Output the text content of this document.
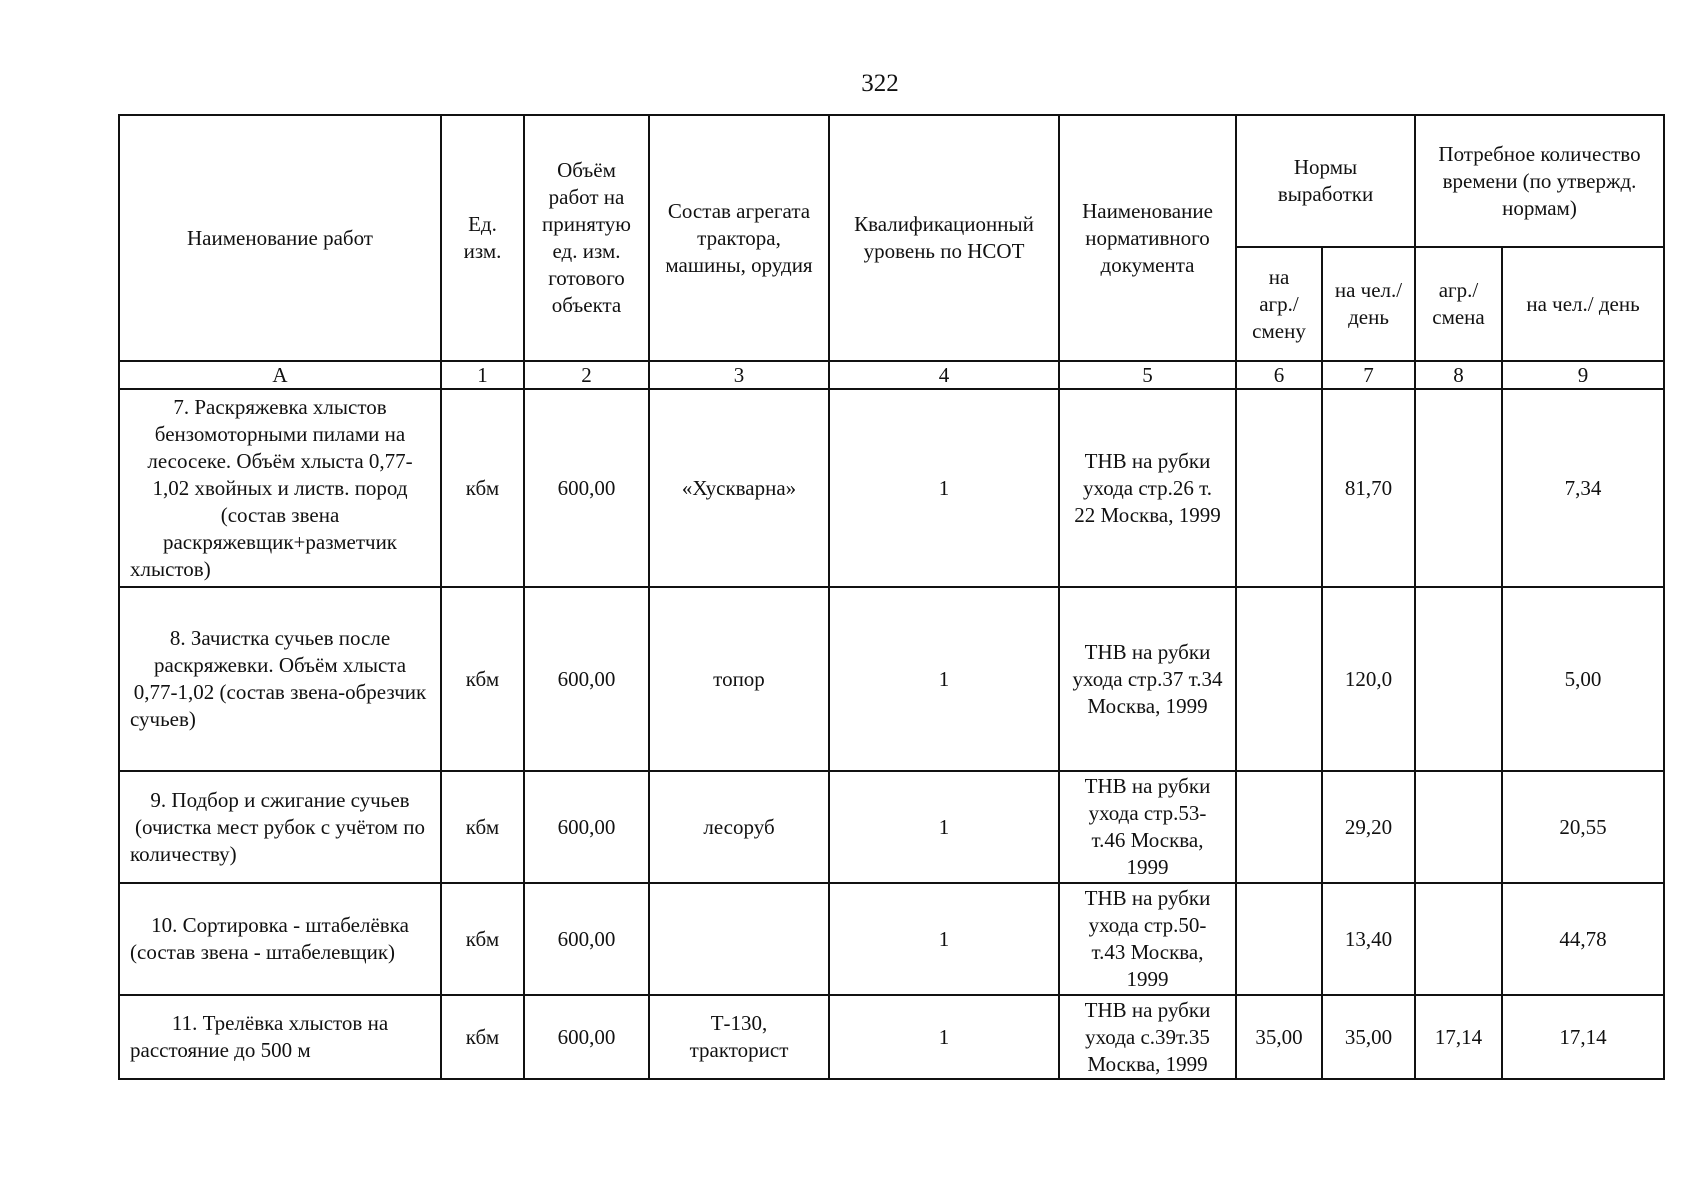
322
Наименование работ	Ед. изм.	Объём работ на принятую ед. изм. готового объекта	Состав агрегата трактора, машины, орудия	Квалификационный уровень по НСОТ	Наименование нормативного документа	Нормы выработки		Потребное количество времени (по утвержд. нормам)	
						на агр./ смену	на чел./ день	агр./ смена	на чел./ день
А	1	2	3	4	5	6	7	8	9
7. Раскряжевка хлыстов бензомоторными пилами на лесосеке. Объём хлыста 0,77-1,02 хвойных и листв. пород (состав звена раскряжевщик+разметчик хлыстов)	кбм	600,00	«Хускварна»	1	ТНВ на рубки ухода стр.26 т. 22 Москва, 1999		81,70		7,34
8. Зачистка сучьев после раскряжевки. Объём хлыста 0,77-1,02 (состав звена-обрезчик сучьев)	кбм	600,00	топор	1	ТНВ на рубки ухода стр.37 т.34 Москва, 1999		120,0		5,00
9. Подбор и сжигание сучьев (очистка мест рубок с учётом по количеству)	кбм	600,00	лесоруб	1	ТНВ на рубки ухода стр.53- т.46 Москва, 1999		29,20		20,55
10. Сортировка - штабелёвка (состав звена - штабелевщик)	кбм	600,00		1	ТНВ на рубки ухода стр.50- т.43 Москва, 1999		13,40		44,78
11. Трелёвка хлыстов на расстояние до 500 м	кбм	600,00	Т-130, тракторист	1	ТНВ на рубки ухода с.39т.35 Москва, 1999	35,00	35,00	17,14	17,14
